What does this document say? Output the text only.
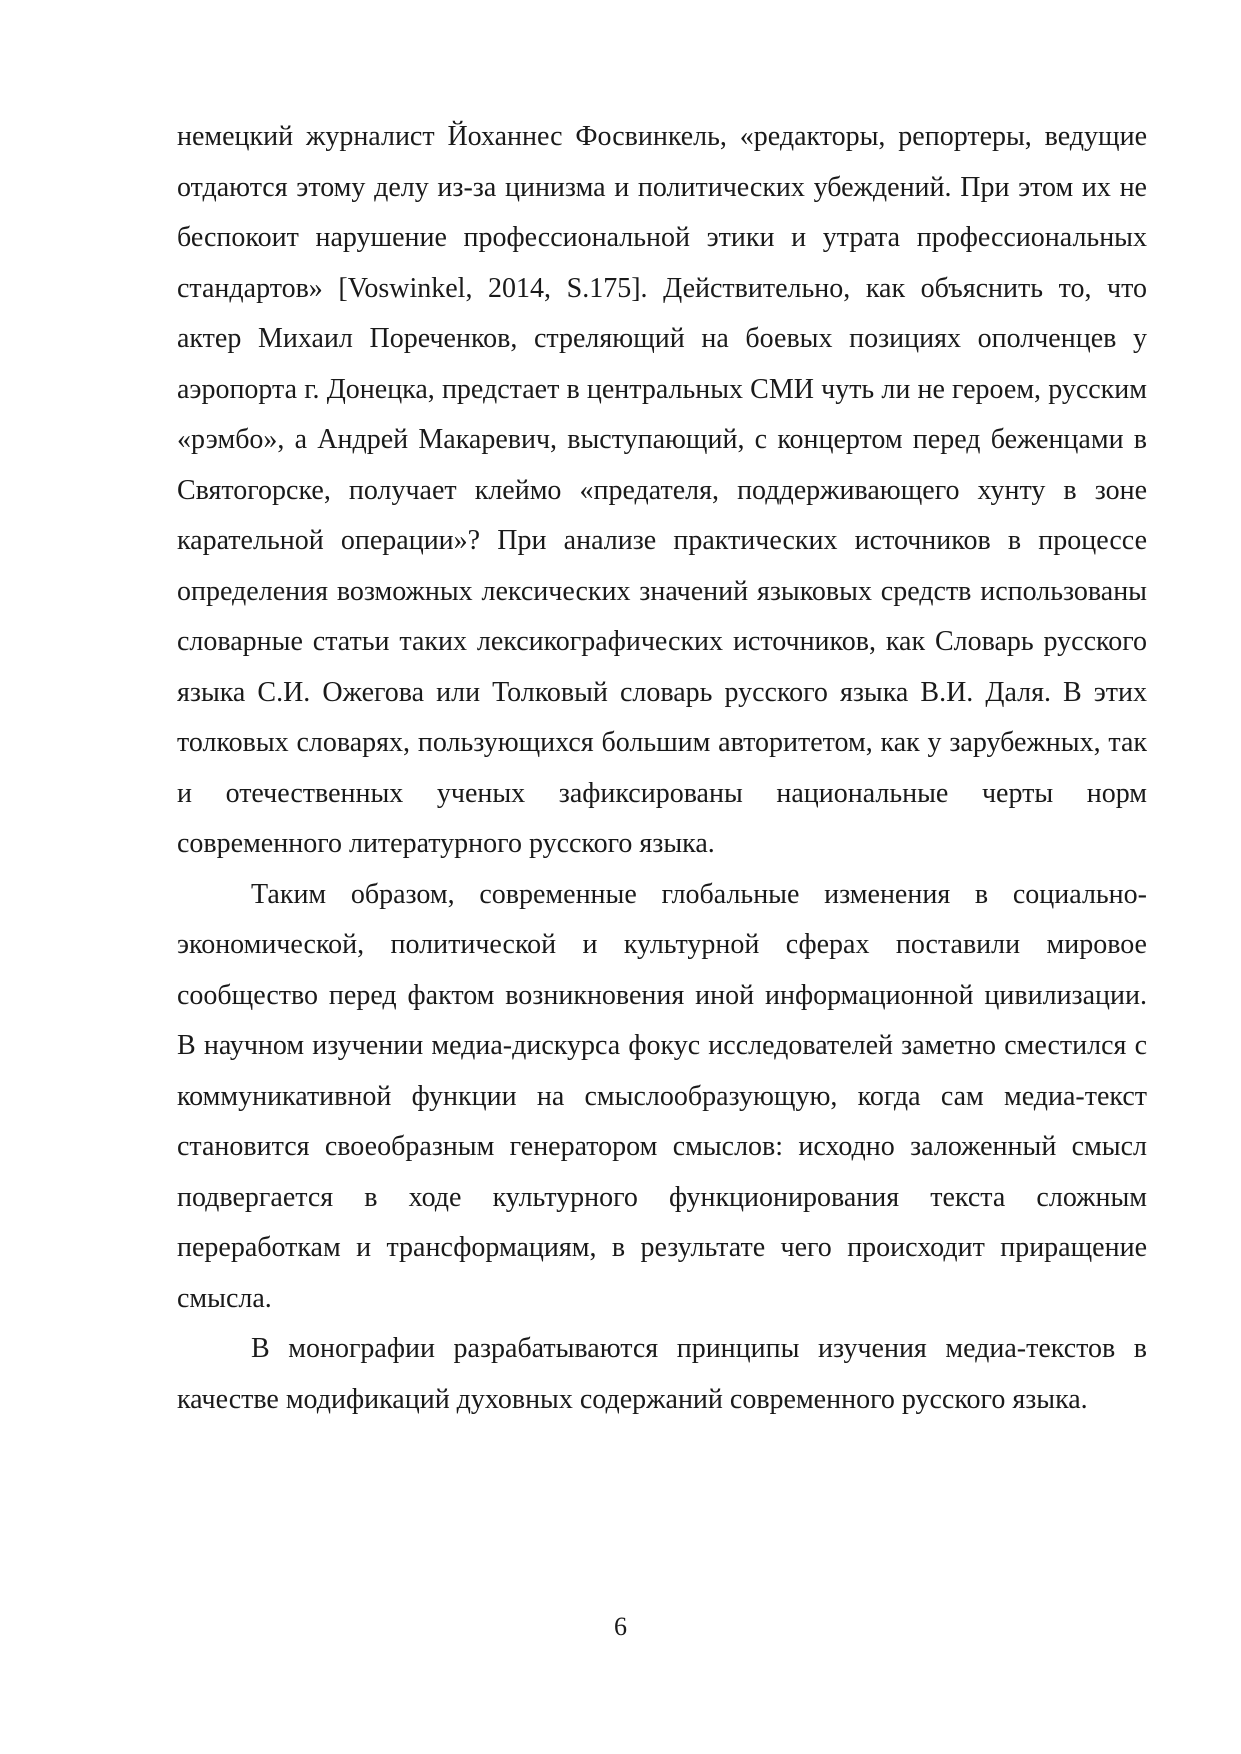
немецкий журналист Йоханнес Фосвинкель, «редакторы, репортеры, ведущие отдаются этому делу из-за цинизма и политических убеждений. При этом их не беспокоит нарушение профессиональной этики и утрата профессиональных стандартов» [Voswinkel, 2014, S.175]. Действительно, как объяснить то, что актер Михаил Пореченков, стреляющий на боевых позициях ополченцев у аэропорта г. Донецка, предстает в центральных СМИ чуть ли не героем, русским «рэмбо», а Андрей Макаревич, выступающий, с концертом перед беженцами в Святогорске, получает клеймо «предателя, поддерживающего хунту в зоне карательной операции»? При анализе практических источников в процессе определения возможных лексических значений языковых средств использованы словарные статьи таких лексикографических источников, как Словарь русского языка С.И. Ожегова или Толковый словарь русского языка В.И. Даля. В этих толковых словарях, пользующихся большим авторитетом, как у зарубежных, так и отечественных ученых зафиксированы национальные черты норм современного литературного русского языка.

Таким образом, современные глобальные изменения в социально-экономической, политической и культурной сферах поставили мировое сообщество перед фактом возникновения иной информационной цивилизации. В научном изучении медиа-дискурса фокус исследователей заметно сместился с коммуникативной функции на смыслообразующую, когда сам медиа-текст становится своеобразным генератором смыслов: исходно заложенный смысл подвергается в ходе культурного функционирования текста сложным переработкам и трансформациям, в результате чего происходит приращение смысла.

В монографии разрабатываются принципы изучения медиа-текстов в качестве модификаций духовных содержаний современного русского языка.

6
